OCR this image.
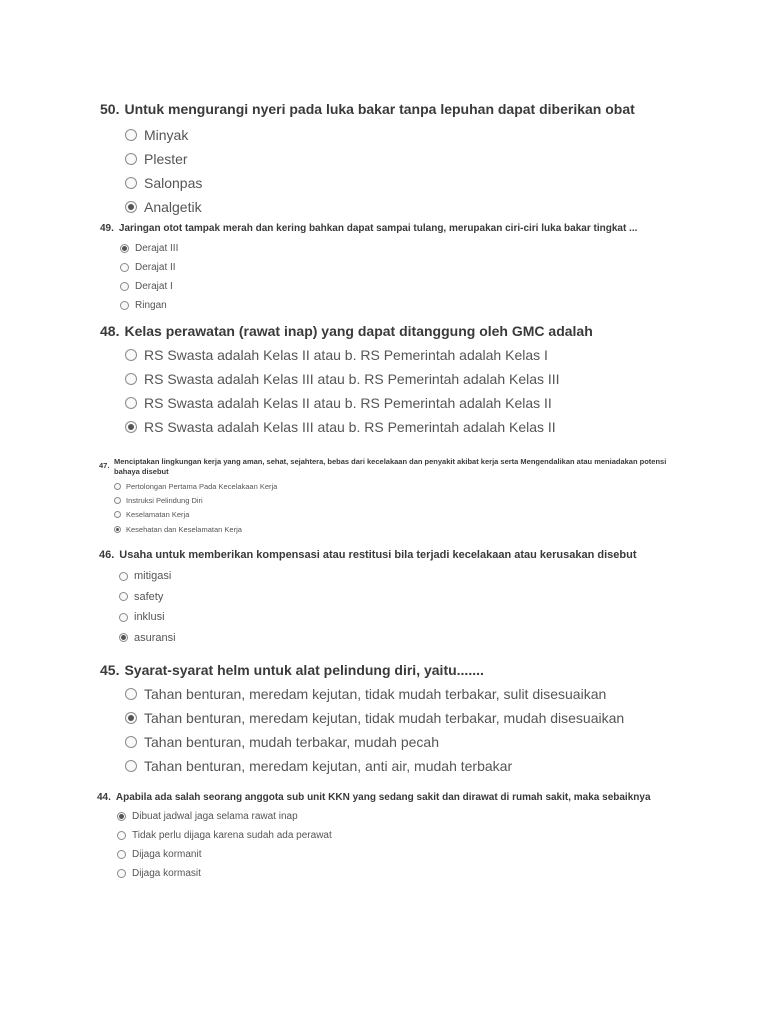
50. Untuk mengurangi nyeri pada luka bakar tanpa lepuhan dapat diberikan obat
Minyak
Plester
Salonpas
Analgetik
49. Jaringan otot tampak merah dan kering bahkan dapat sampai tulang, merupakan ciri-ciri luka bakar tingkat ...
Derajat III
Derajat II
Derajat I
Ringan
48. Kelas perawatan (rawat inap) yang dapat ditanggung oleh GMC adalah
RS Swasta adalah Kelas II atau b. RS Pemerintah adalah Kelas I
RS Swasta adalah Kelas III atau b. RS Pemerintah adalah Kelas III
RS Swasta adalah Kelas II atau b. RS Pemerintah adalah Kelas II
RS Swasta adalah Kelas III atau b. RS Pemerintah adalah Kelas II
47. Menciptakan lingkungan kerja yang aman, sehat, sejahtera, bebas dari kecelakaan dan penyakit akibat kerja serta Mengendalikan atau meniadakan potensi bahaya disebut
Pertolongan Pertama Pada Kecelakaan Kerja
Instruksi Pelindung Diri
Keselamatan Kerja
Kesehatan dan Keselamatan Kerja
46. Usaha untuk memberikan kompensasi atau restitusi bila terjadi kecelakaan atau kerusakan disebut
mitigasi
safety
inklusi
asuransi
45. Syarat-syarat helm untuk alat pelindung diri, yaitu.......
Tahan benturan, meredam kejutan, tidak mudah terbakar, sulit disesuaikan
Tahan benturan, meredam kejutan, tidak mudah terbakar, mudah disesuaikan
Tahan benturan, mudah terbakar, mudah pecah
Tahan benturan, meredam kejutan, anti air, mudah terbakar
44. Apabila ada salah seorang anggota sub unit KKN yang sedang sakit dan dirawat di rumah sakit, maka sebaiknya
Dibuat jadwal jaga selama rawat inap
Tidak perlu dijaga karena sudah ada perawat
Dijaga kormanit
Dijaga kormasit
